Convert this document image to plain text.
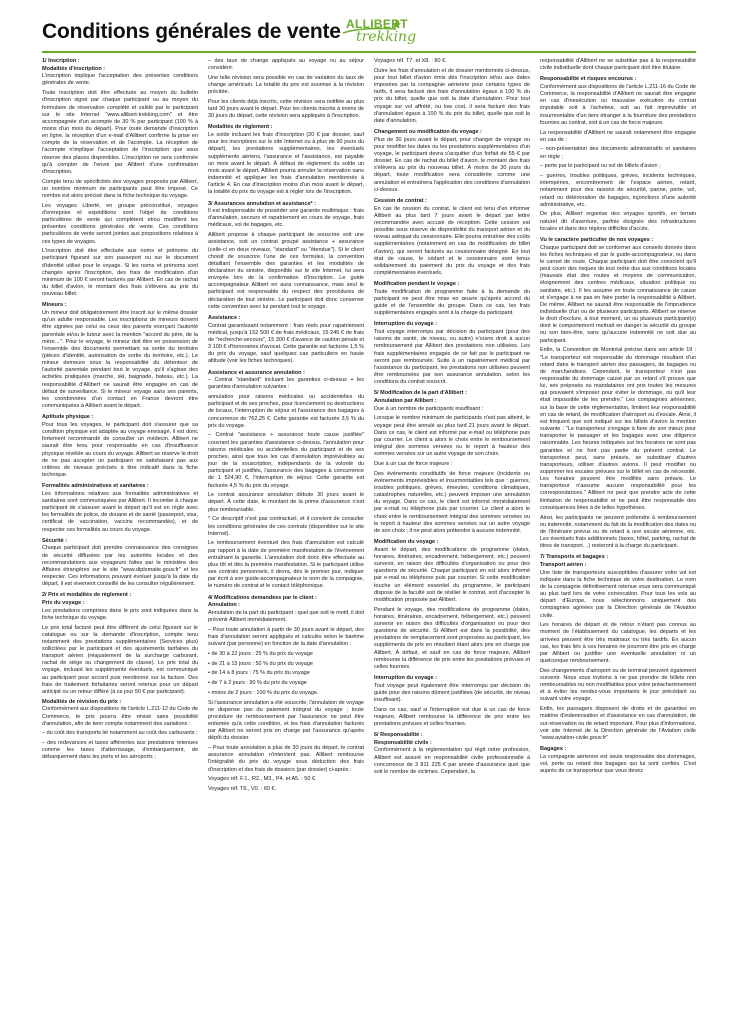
Conditions générales de vente ALLIBERT
trekking
1/ Inscription :
Modalités d'inscription :

L'inscription implique l'acceptation des présentes conditions générales de vente.

Toute inscription doit être effectuée au moyen du bulletin d'inscription signé par chaque participant ou au moyen du formulaire de réservation complété et validé par le participant sur le site Internet "www.allibert-trekking.com" et être accompagnée d'un acompte de 30 % par participant (100 % à moins d'un mois du départ). Pour toute demande d'inscription en ligne, la réception d'un e-mail d'Allibert confirme la prise en compte de la réservation et de l'acompte. La réception de l'acompte n'implique l'acceptation de l'inscription que sous réserve des places disponibles. L'inscription ne sera confirmée qu'à compter de l'envoi par Allibert d'une confirmation d'inscription.

Compte tenu de spécificités des voyages proposés par Allibert, un nombre minimum de participants peut être imposé. Ce nombre est alors précisé dans la fiche technique du voyage.

Les voyages Liberté, en groupe préconstitué, voyages d'entreprise et expéditions sont l'objet de conditions particulières de vente qui complètent et/ou modifient les présentes conditions générales de vente. Ces conditions particulières de vente seront jointes aux propositions relatives à ces types de voyages.

L'inscription doit être effectuée aux noms et prénoms du participant figurant sur son passeport ou sur le document d'identité utilisé pour le voyage. Si les noms et prénoms sont changés après l'inscription, des frais de modification d'un minimum de 100 € seront facturés par Allibert. En cas de rachat du billet d'avion, le montant des frais s'élèvera au prix du nouveau billet.

Mineurs :

Un mineur doit obligatoirement être inscrit sur le même dossier qu'un adulte responsable. Les inscriptions de mineurs doivent être signées par celui ou ceux des parents exerçant l'autorité parentale et/ou le tuteur avec la mention "accord du père, de la mère…". Pour le voyage, le mineur doit être en possession de l'ensemble des documents permettant sa sortie du territoire (pièces d'identité, autorisation de sortie du territoire, etc.). Le mineur demeure sous la responsabilité du détenteur de l'autorité parentale pendant tout le voyage, qu'il s'agisse des activités pratiquées (marche, ski, baignade, bateau, etc.). La responsabilité d'Allibert ne saurait être engagée en cas de défaut de surveillance. Si le mineur voyage sans ses parents, les coordonnées d'un contact en France devront être communiquées à Allibert avant le départ.

Aptitude physique :

Pour tous les voyages, le participant doit s'assurer que sa condition physique est adaptée au voyage envisagé, il est donc fortement recommandé de consulter un médecin. Allibert ne saurait être tenu pour responsable en cas d'insuffisance physique révélée au cours du voyage. Allibert se réserve le droit de ne pas accepter un participant ne satisfaisant pas aux critères de niveaux précisés à titre indicatif dans la fiche technique.

Formalités administratives et sanitaires :

Les informations relatives aux formalités administratives et sanitaires sont communiquées par Allibert. Il incombe à chaque participant de s'assurer avant le départ qu'il est en règle avec les formalités de police, de douane et de santé (passeport, visa, certificat de vaccination, vaccins recommandés), et de respecter ces formalités au cours du voyage.

Sécurité :

Chaque participant doit prendre connaissance des consignes de sécurité diffusées par les autorités locales et des recommandations aux voyageurs faites par le ministère des Affaires étrangères sur le site "www.diplomatie.gouv.fr" et les respecter. Ces informations pouvant évoluer jusqu'à la date du départ, il est vivement conseillé de les consulter régulièrement.

2/ Prix et modalités de règlement :
Prix du voyage :

Les prestations comprises dans le prix sont indiquées dans la fiche technique du voyage.

Le prix total facturé peut être différent de celui figurant sur le catalogue ou sur la demande d'inscription, compte tenu notamment des prestations supplémentaires (Services plus) sollicitées par le participant et des ajustements tarifaires du transport aérien (réajustement de la surcharge carburant, rachat de siège ou changement de classe). Le prix total du voyage, incluant les suppléments éventuels, est communiqué au participant pour accord puis mentionné sur la facture. Des frais de traitement forfaitaires seront retenus pour un départ anticipé ou un retour différé (à ce jour 50 € par participant).

Modalités de révision du prix :

Conformément aux dispositions de l'article L.211-12 du Code de Commerce, le prix pourra être révisé sans possibilité d'annulation, afin de tenir compte notamment des variations :

– du coût des transports lié notamment au coût des carburants ;

– des redevances et taxes afférentes aux prestations retenues comme les taxes d'atterrissage, d'embarquement, de débarquement dans les ports et les aéroports ;

– des taux de change appliqués au voyage ou au séjour considéré.

Une telle révision sera possible en cas de variation du taux de change américain. La totalité du prix est soumise à la révision précitée.

Pour les clients déjà inscrits, cette révision sera notifiée au plus tard 30 jours avant le départ. Pour les clients inscrits à moins de 30 jours du départ, cette révision sera appliquée à l'inscription.

Modalités de règlement :

Le solde incluant les frais d'inscription (20 € par dossier, sauf pour les inscriptions sur le site Internet ou à plus de 90 jours du départ), les prestations supplémentaires, les éventuels suppléments aériens, l'assurance et l'assistance, est payable un mois avant le départ. À défaut de règlement du solde un mois avant le départ, Allibert pourra annuler la réservation sans indemnité et appliquer les frais d'annulation mentionnés à l'article 4. En cas d'inscription moins d'un mois avant le départ, la totalité du prix du voyage est à régler lors de l'inscription.

3/ Assurances annulation et assistance* :

Il est indispensable de posséder une garantie multirisque : frais d'annulation, secours et rapatriement en cours de voyage, frais médicaux, vol de bagages, etc.

Allibert propose à chaque participant de souscrire soit une assistance, soit un contrat groupé assistance + assurance (celle-ci en deux niveaux, "standard" ou "étendue"). Si le client choisit de souscrire l'une de ces formules, la convention détaillant l'ensemble des garanties et les modalités de déclaration du sinistre, disponible sur le site Internet, lui sera envoyée lors de la confirmation d'inscription. Le guide accompagnateur Allibert en aura connaissance, mais seul le participant est responsable du respect des procédures de déclaration de tout sinistre. Le participant doit donc conserver cette convention avec lui pendant tout le voyage.

Assistance :

Contrat garantissant notamment : frais réels pour rapatriement médical, jusqu'à 152 500 € de frais médicaux, 15 245 € de frais de "recherche-secours", 15 300 € d'avance de caution pénale et 3 100 € d'honoraires d'avocat. Cette garantie est facturée 1,5 % du prix du voyage, sauf quelques cas particuliers en haute altitude (voir les fiches techniques).

Assistance et assurance annulation :

– Contrat "standard" incluant les garanties ci-dessus + les garanties d'annulation suivantes :

annulation pour raisons médicales ou accidentelles du participant et de ses proches, pour licenciement ou destructions de locaux, l'interruption de séjour et l'assurance des bagages à concurrence de 762,25 €. Cette garantie est facturée 3,5 % du prix du voyage.

– Contrat "assistance + assurance toute cause justifiée" couvrant les garanties d'assistance ci-dessus, l'annulation pour raisons médicales ou accidentelles du participant et de ses proches, ainsi que tous les cas d'annulation imprévisibles au jour de la souscription, indépendants de la volonté du participant et justifiés, l'assurance des bagages à concurrence de 1 524,90 €, l'interruption de séjour. Cette garantie est facturée 4,5 % du prix du voyage.

Le contrat assurance annulation débute 30 jours avant le départ. À cette date, le montant de la prime d'assurance n'est plus remboursable.

* Ce descriptif n'est pas contractuel, et il convient de consulter les conditions générales de ces contrats (disponibles sur le site Internet).

Le remboursement éventuel des frais d'annulation est calculé par rapport à la date de première manifestation de l'événement entraînant la garantie. L'annulation doit donc être effectuée au plus tôt et dès la première manifestation. Si le participant utilise ses contrats personnels, il devra, dès le premier jour, indiquer par écrit à son guide-accompagnateur le nom de la compagnie, le numéro de contrat et le contact téléphonique.

4/ Modifications demandées par le client :
Annulation :

Annulation de la part du participant : quel que soit le motif, il doit prévenir Allibert immédiatement.

– Pour toute annulation à partir de 30 jours avant le départ, des frais d'annulation seront appliqués et calculés selon le barème suivant (par personne) en fonction de la date d'annulation :

• de 30 à 22 jours : 25 % du prix du voyage

• de 21 à 15 jours : 50 % du prix du voyage

• de 14 à 8 jours : 75 % du prix du voyage

• de 7 à 2 jours : 90 % du prix du voyage

• moins de 2 jours : 100 % du prix du voyage.

Si l'assurance annulation a été souscrite, l'annulation de voyage ne dispense pas du paiement intégral du voyage ; toute procédure de remboursement par l'assurance ne peut être entamée qu'à cette condition, et les frais d'annulation facturés par Allibert ne seront pris en charge par l'assurance qu'après dépôt du dossier.

– Pour toute annulation à plus de 30 jours du départ, le contrat assurance annulation n'intervient pas. Allibert rembourse l'intégralité du prix du voyage sous déduction des frais d'inscription et des frais de dossiers (par dossier) ci-après :

Voyages réf. F.1., R2., M3., P4. et A5. : 50 €.

Voyages réf. T6., V0. : 60 €.

Voyages réf. T7. et X8. : 80 €.

Outre les frais d'annulation et de dossier mentionnés ci-dessus, pour tout billet d'avion émis dès l'inscription et/ou aux dates imposées par la compagnie aérienne pour certains types de tarifs, il sera facturé des frais d'annulation égaux à 100 % du prix du billet, quelle que soit la date d'annulation. Pour tout voyage sur vol affrété, ou low cost, il sera facturé des frais d'annulation égaux à 100 % du prix du billet, quelle que soit la date d'annulation.

Changement ou modification du voyage :

Plus de 30 jours avant le départ, pour changer de voyage ou pour modifier les dates ou les prestations supplémentaires d'un voyage, le participant devra s'acquitter d'un forfait de 55 € par dossier. En cas de rachat du billet d'avion, le montant des frais s'élèvera au prix du nouveau billet. À moins de 30 jours du départ, toute modification sera considérée comme une annulation et entraînera l'application des conditions d'annulation ci-dessus.

Cession de contrat :

En cas de cession du contrat, le client est tenu d'en informer Allibert au plus tard 7 jours avant le départ par lettre recommandée avec accusé de réception. Cette cession est possible sous réserve de disponibilité du transport aérien et du niveau adéquat du cessionnaire. Elle pourra entraîner des coûts supplémentaires (notamment en cas de modification de billet d'avion), qui seront facturés au cessionnaire désigné. En tout état de cause, le cédant et le cessionnaire sont tenus solidairement du paiement du prix du voyage et des frais complémentaires éventuels.

Modification pendant le voyage :

Toute modification de programme faite à la demande du participant ne peut être mise en œuvre qu'après accord du guide et de l'ensemble du groupe. Dans ce cas, les frais supplémentaires engagés sont à la charge du participant.

Interruption du voyage :

Tout voyage interrompu par décision du participant (pour des raisons de santé, de niveau, ou autre) n'ouvre droit à aucun remboursement par Allibert des prestations non utilisées. Les frais supplémentaires engagés de ce fait par le participant ne seront pas remboursés. Suite à un rapatriement médical par l'assistance du participant, les prestations non utilisées peuvent être remboursées par son assurance annulation, selon les conditions du contrat souscrit.

5/ Modification de la part d'Allibert :
Annulation par Allibert :

Due à un nombre de participants insuffisant :

Lorsque le nombre minimum de participants n'est pas atteint, le voyage peut être annulé au plus tard 21 jours avant le départ. Dans ce cas, le client est informé par e-mail ou téléphone puis par courrier. Le client a alors le choix entre le remboursement intégral des sommes versées ou le report à hauteur des sommes versées sur un autre voyage de son choix.

Due à un cas de force majeure :

Des événements constitutifs de force majeure (incidents ou événements imprévisibles et insurmontables tels que : guerres, troubles politiques, grèves, émeutes, conditions climatiques, catastrophes naturelles, etc.) peuvent imposer une annulation du voyage. Dans ce cas, le client est informé immédiatement par e-mail ou téléphone puis par courrier. Le client a alors le choix entre le remboursement intégral des sommes versées ou le report à hauteur des sommes versées sur un autre voyage de son choix ; il ne peut alors prétendre à aucune indemnité.

Modification du voyage :

Avant le départ, des modifications de programme (dates, horaires, itinéraires, encadrement, hébergement, etc.) peuvent survenir, en raison des difficultés d'organisation ou pour des questions de sécurité. Chaque participant en est alors informé par e-mail ou téléphone puis par courrier. Si cette modification touche un élément essentiel du programme, le participant dispose de la faculté soit de résilier le contrat, soit d'accepter la modification proposée par Allibert.

Pendant le voyage, des modifications de programme (dates, horaires, itinéraires, encadrement, hébergement, etc.) peuvent survenir en raison des difficultés d'organisation ou pour des questions de sécurité. Si Allibert est dans la possibilité, des prestations de remplacement sont proposées au participant, les suppléments de prix en résultant étant alors pris en charge par Allibert. À défaut, et sauf en cas de force majeure, Allibert rembourse la différence de prix entre les prestations prévues et celles fournies.

Interruption du voyage :

Tout voyage peut également être interrompu par décision du guide pour des raisons dûment justifiées (de sécurité, de niveau insuffisant).

Dans ce cas, sauf si l'interruption est due à un cas de force majeure, Allibert rembourse la différence de prix entre les prestations prévues et celles fournies.

6/ Responsabilité :
Responsabilité civile :

Conformément à la réglementation qui régit notre profession, Allibert est assuré en responsabilité civile professionnelle à concurrence de 3 811 225 € par année d'assurance quel que soit le nombre de victimes. Cependant, la

responsabilité d'Allibert ne se substitue pas à la responsabilité civile individuelle dont chaque participant doit être titulaire.

Responsabilité et risques encourus :

Conformément aux dispositions de l'article L.211-16 du Code de Commerce, la responsabilité d'Allibert ne saurait être engagée en cas d'inexécution ou mauvaise exécution du contrat imputable soit à l'acheteur, soit au fait imprévisible et insurmontable d'un tiers étranger à la fourniture des prestations fournies au contrat, soit à un cas de force majeure.

La responsabilité d'Allibert ne saurait notamment être engagée en cas de :

– non-présentation des documents administratifs et sanitaires en règle ;

– perte par le participant ou vol de billets d'avion ;

– guerres, troubles politiques, grèves, incidents techniques, intempéries, encombrement de l'espace aérien, retard, notamment pour des raisons de sécurité, panne, perte, vol, retard ou détérioration de bagages, injonctions d'une autorité administrative, etc.

De plus, Allibert organise des voyages sportifs, en terrain naturel dit d'aventure, parfois éloignés des infrastructures locales et dans des régions difficiles d'accès.

Vu le caractère particulier de nos voyages :

Chaque participant doit se conformer aux conseils donnés dans les fiches techniques et par le guide-accompagnateur, ou dans le carnet de route. Chaque participant doit être conscient qu'il peut courir des risques de tout ordre dus aux conditions locales (mauvais état des routes et moyens de communication, éloignement des centres médicaux, situation politique ou sanitaire, etc.). Il les assume en toute connaissance de cause et s'engage à ne pas en faire porter la responsabilité à Allibert. De même, Allibert ne saurait être responsable de l'imprudence individuelle d'un ou de plusieurs participants. Allibert se réserve le droit d'exclure, à tout moment, un ou plusieurs participant(s) dont le comportement mettrait en danger la sécurité du groupe ou son bien-être, sans qu'aucune indemnité ne soit due au participant.

Enfin, la Convention de Montréal précise dans son article 19 : "Le transporteur est responsable du dommage résultant d'un retard dans le transport aérien des passagers, de bagages ou de marchandises. Cependant, le transporteur n'est pas responsable du dommage causé par un retard s'il prouve que lui, ses préposés ou mandataires ont pris toutes les mesures qui pouvaient s'imposer pour éviter le dommage, ou qu'il leur était impossible de les prendre." Les compagnies aériennes, sur la base de cette réglementation, limitent leur responsabilité en cas de retard, de modification d'aéroport ou d'escale. Ainsi, il est fréquent que soit indiqué sur les billets d'avion la mention suivante : "Le transporteur s'engage à faire de son mieux pour transporter le passager et les bagages avec une diligence raisonnable. Les heures indiquées sur les horaires ne sont pas garanties et ne font pas partie du présent contrat. Le transporteur peut, sans préavis, se substituer d'autres transporteurs, utiliser d'autres avions. Il peut modifier ou supprimer les escales prévues sur le billet en cas de nécessité. Les horaires peuvent être modifiés sans préavis. Le transporteur n'assume aucune responsabilité pour les correspondances." Allibert ne peut que prendre acte de cette limitation de responsabilité et ne peut être responsable des conséquences liées à de telles hypothèses.

Ainsi, les participants ne peuvent prétendre à remboursement ou indemnité, notamment du fait de la modification des dates ou de l'itinéraire prévus ou de retard à une escale aérienne, etc. Les éventuels frais additionnels (taxes, hôtel, parking, rachat de titres de transport…) resteront à la charge du participant.

7/ Transports et bagages :
Transport aérien :

Une liste de transporteurs susceptibles d'assurer votre vol est indiquée dans la fiche technique de votre destination. Le nom de la compagnie définitivement retenue vous sera communiqué au plus tard lors de votre convocation. Pour tous les vols au départ d'Europe, nous sélectionnons uniquement des compagnies agréées par la Direction générale de l'Aviation civile.

Les horaires de départ et de retour n'étant pas connus au moment de l'établissement du catalogue, les départs et les arrivées peuvent être très matinaux ou très tardifs. En aucun cas, les frais liés à ces horaires ne pourront être pris en charge par Allibert ou justifier une éventuelle annulation ni un quelconque remboursement.

Des changements d'aéroport ou de terminal peuvent également survenir. Nous vous invitons à ne pas prendre de billets non remboursables ou non modifiables pour votre préacheminement et à éviter les rendez-vous importants le jour précédant ou suivant votre voyage.

Enfin, les passagers disposent de droits et de garanties en matière d'indemnisation et d'assistance en cas d'annulation, de sur-réservation ou de retard important. Pour plus d'informations, voir site Internet de la Direction générale de l'Aviation civile "www.aviation-civile.gouv.fr"

Bagages :

La compagnie aérienne est seule responsable des dommages, vol, perte ou retard des bagages qui lui sont confiés. C'est auprès de ce transporteur que vous devez
